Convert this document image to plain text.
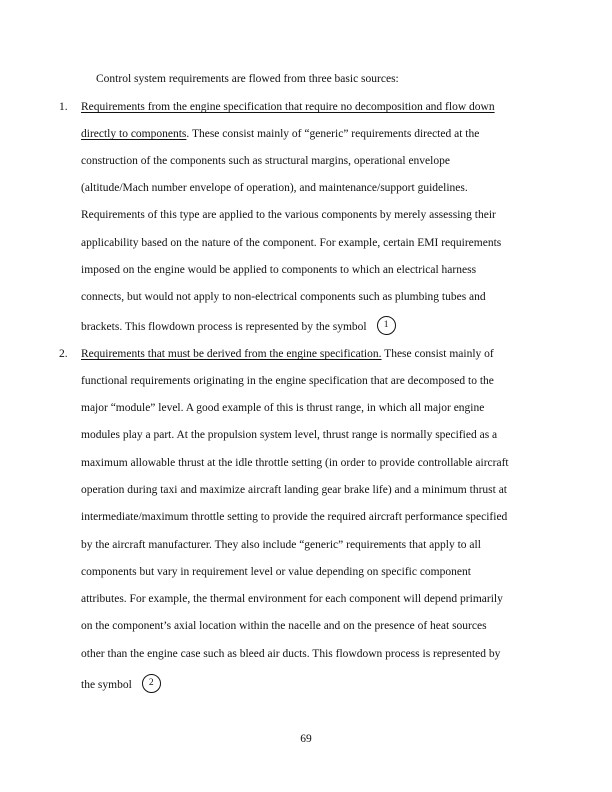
Control system requirements are flowed from three basic sources:
1. Requirements from the engine specification that require no decomposition and flow down
directly to components. These consist mainly of “generic” requirements directed at the
construction of the components such as structural margins, operational envelope
(altitude/Mach number envelope of operation), and maintenance/support guidelines.
Requirements of this type are applied to the various components by merely assessing their
applicability based on the nature of the component. For example, certain EMI requirements
imposed on the engine would be applied to components to which an electrical harness
connects, but would not apply to non-electrical components such as plumbing tubes and
brackets. This flowdown process is represented by the symbol 1
2. Requirements that must be derived from the engine specification. These consist mainly of
functional requirements originating in the engine specification that are decomposed to the
major “module” level. A good example of this is thrust range, in which all major engine
modules play a part. At the propulsion system level, thrust range is normally specified as a
maximum allowable thrust at the idle throttle setting (in order to provide controllable aircraft
operation during taxi and maximize aircraft landing gear brake life) and a minimum thrust at
intermediate/maximum throttle setting to provide the required aircraft performance specified
by the aircraft manufacturer. They also include “generic” requirements that apply to all
components but vary in requirement level or value depending on specific component
attributes. For example, the thermal environment for each component will depend primarily
on the component’s axial location within the nacelle and on the presence of heat sources
other than the engine case such as bleed air ducts. This flowdown process is represented by
the symbol 2
69
